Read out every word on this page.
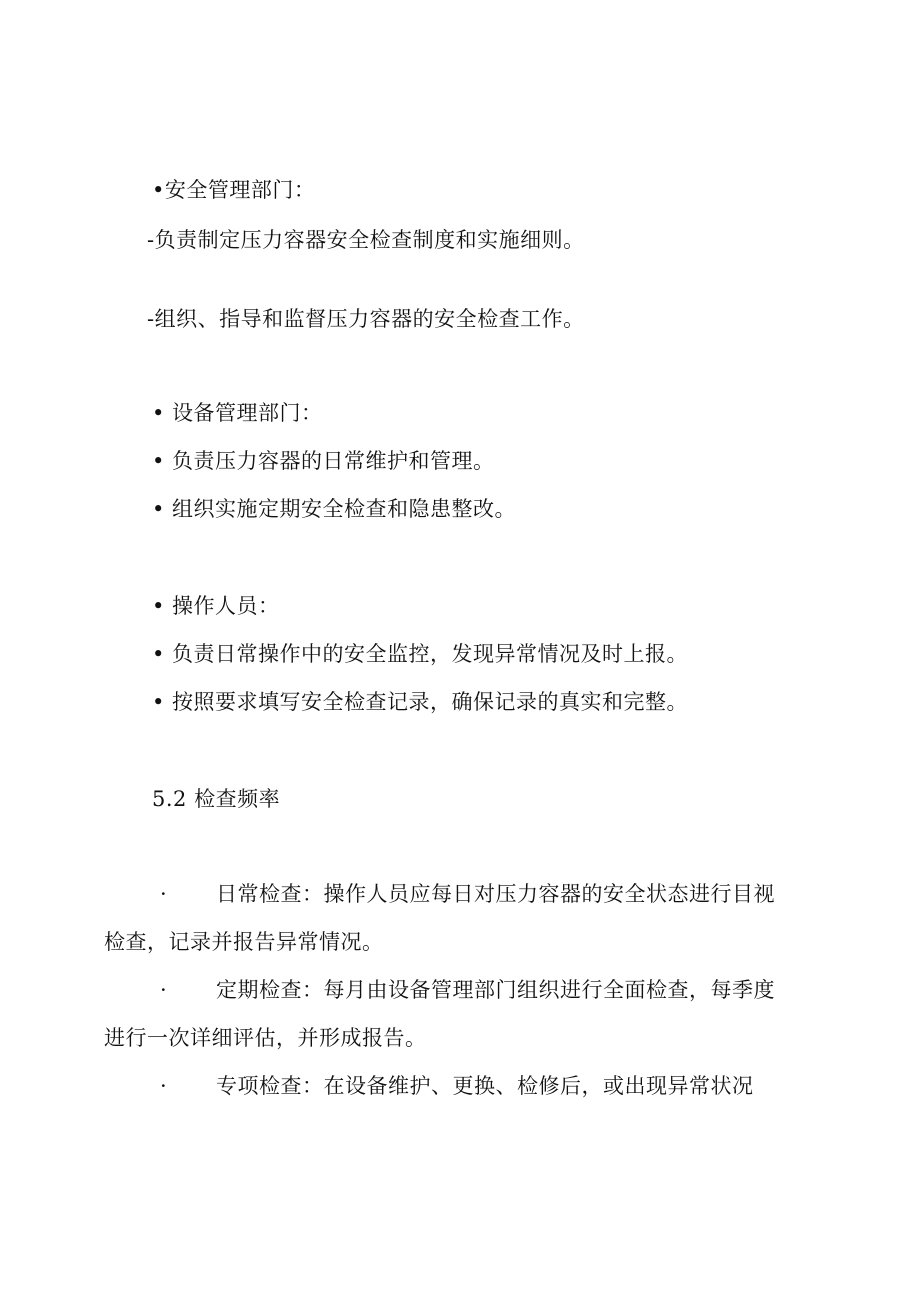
•安全管理部门：
-负责制定压力容器安全检查制度和实施细则。
-组织、指导和监督压力容器的安全检查工作。
• 设备管理部门：
• 负责压力容器的日常维护和管理。
• 组织实施定期安全检查和隐患整改。
• 操作人员：
• 负责日常操作中的安全监控，发现异常情况及时上报。
• 按照要求填写安全检查记录，确保记录的真实和完整。
5.2 检查频率
· 日常检查：操作人员应每日对压力容器的安全状态进行目视
检查，记录并报告异常情况。
· 定期检查：每月由设备管理部门组织进行全面检查，每季度
进行一次详细评估，并形成报告。
· 专项检查：在设备维护、更换、检修后，或出现异常状况
